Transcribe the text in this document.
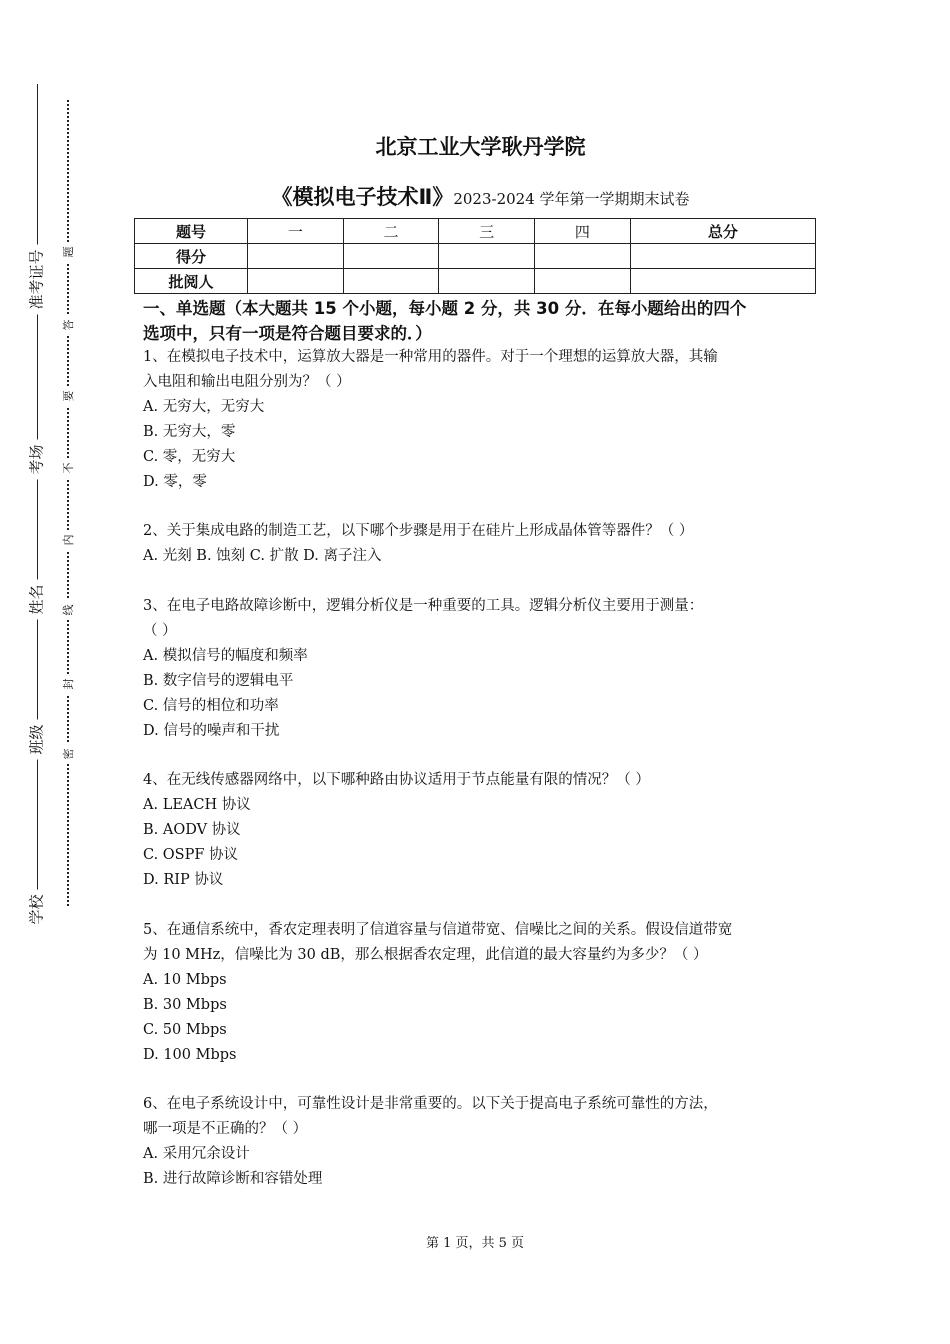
准考证号
考场
姓名
班级
学校
题
答
要
不
内
线
封
密
北京工业大学耿丹学院
《模拟电子技术Ⅱ》2023-2024 学年第一学期期末试卷
题号	一	二	三	四	总分
得分					
批阅人					
一、单选题（本大题共 15 个小题，每小题 2 分，共 30 分．在每小题给出的四个
选项中，只有一项是符合题目要求的．）
1、在模拟电子技术中，运算放大器是一种常用的器件。对于一个理想的运算放大器，其输
入电阻和输出电阻分别为？（ ）
A. 无穷大，无穷大
B. 无穷大，零
C. 零，无穷大
D. 零，零
2、关于集成电路的制造工艺，以下哪个步骤是用于在硅片上形成晶体管等器件？（ ）
A. 光刻 B. 蚀刻 C. 扩散 D. 离子注入
3、在电子电路故障诊断中，逻辑分析仪是一种重要的工具。逻辑分析仪主要用于测量：
（ ）
A. 模拟信号的幅度和频率
B. 数字信号的逻辑电平
C. 信号的相位和功率
D. 信号的噪声和干扰
4、在无线传感器网络中，以下哪种路由协议适用于节点能量有限的情况？（ ）
A. LEACH 协议
B. AODV 协议
C. OSPF 协议
D. RIP 协议
5、在通信系统中，香农定理表明了信道容量与信道带宽、信噪比之间的关系。假设信道带宽
为 10 MHz，信噪比为 30 dB，那么根据香农定理，此信道的最大容量约为多少？（ ）
A. 10 Mbps
B. 30 Mbps
C. 50 Mbps
D. 100 Mbps
6、在电子系统设计中，可靠性设计是非常重要的。以下关于提高电子系统可靠性的方法，
哪一项是不正确的？（ ）
A. 采用冗余设计
B. 进行故障诊断和容错处理
第 1 页，共 5 页
